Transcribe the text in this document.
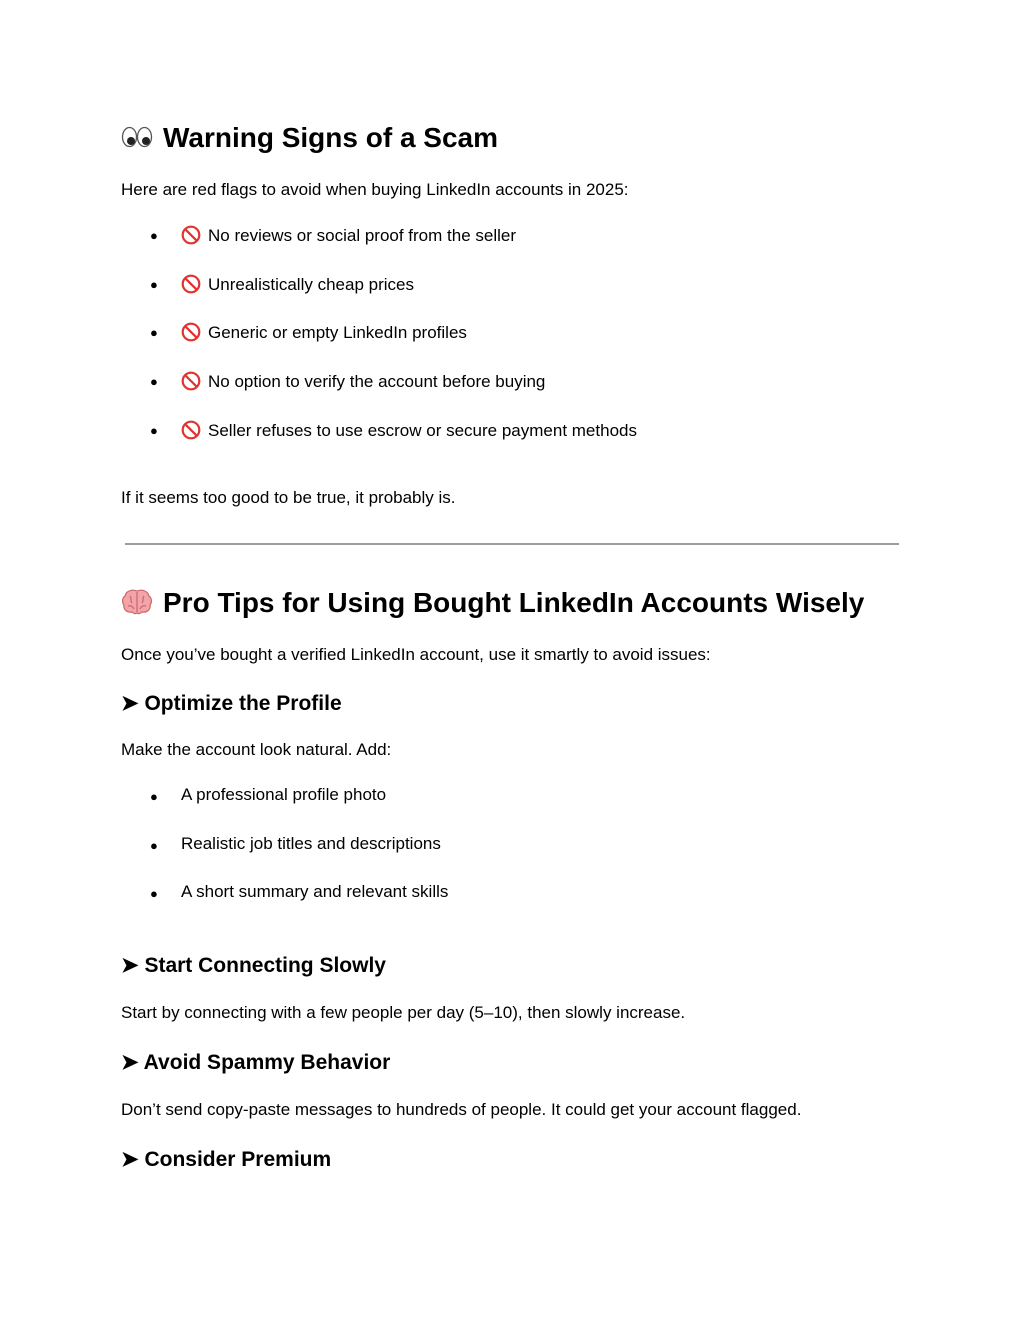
Warning Signs of a Scam

Here are red flags to avoid when buying LinkedIn accounts in 2025:

●	No reviews or social proof from the seller
●	Unrealistically cheap prices
●	Generic or empty LinkedIn profiles
●	No option to verify the account before buying
●	Seller refuses to use escrow or secure payment methods

If it seems too good to be true, it probably is.

Pro Tips for Using Bought LinkedIn Accounts Wisely

Once you’ve bought a verified LinkedIn account, use it smartly to avoid issues:

➤ Optimize the Profile

Make the account look natural. Add:

● A professional profile photo
● Realistic job titles and descriptions
● A short summary and relevant skills
➤ Start Connecting Slowly

Start by connecting with a few people per day (5–10), then slowly increase.

➤ Avoid Spammy Behavior

Don’t send copy-paste messages to hundreds of people. It could get your account flagged.

➤ Consider Premium
